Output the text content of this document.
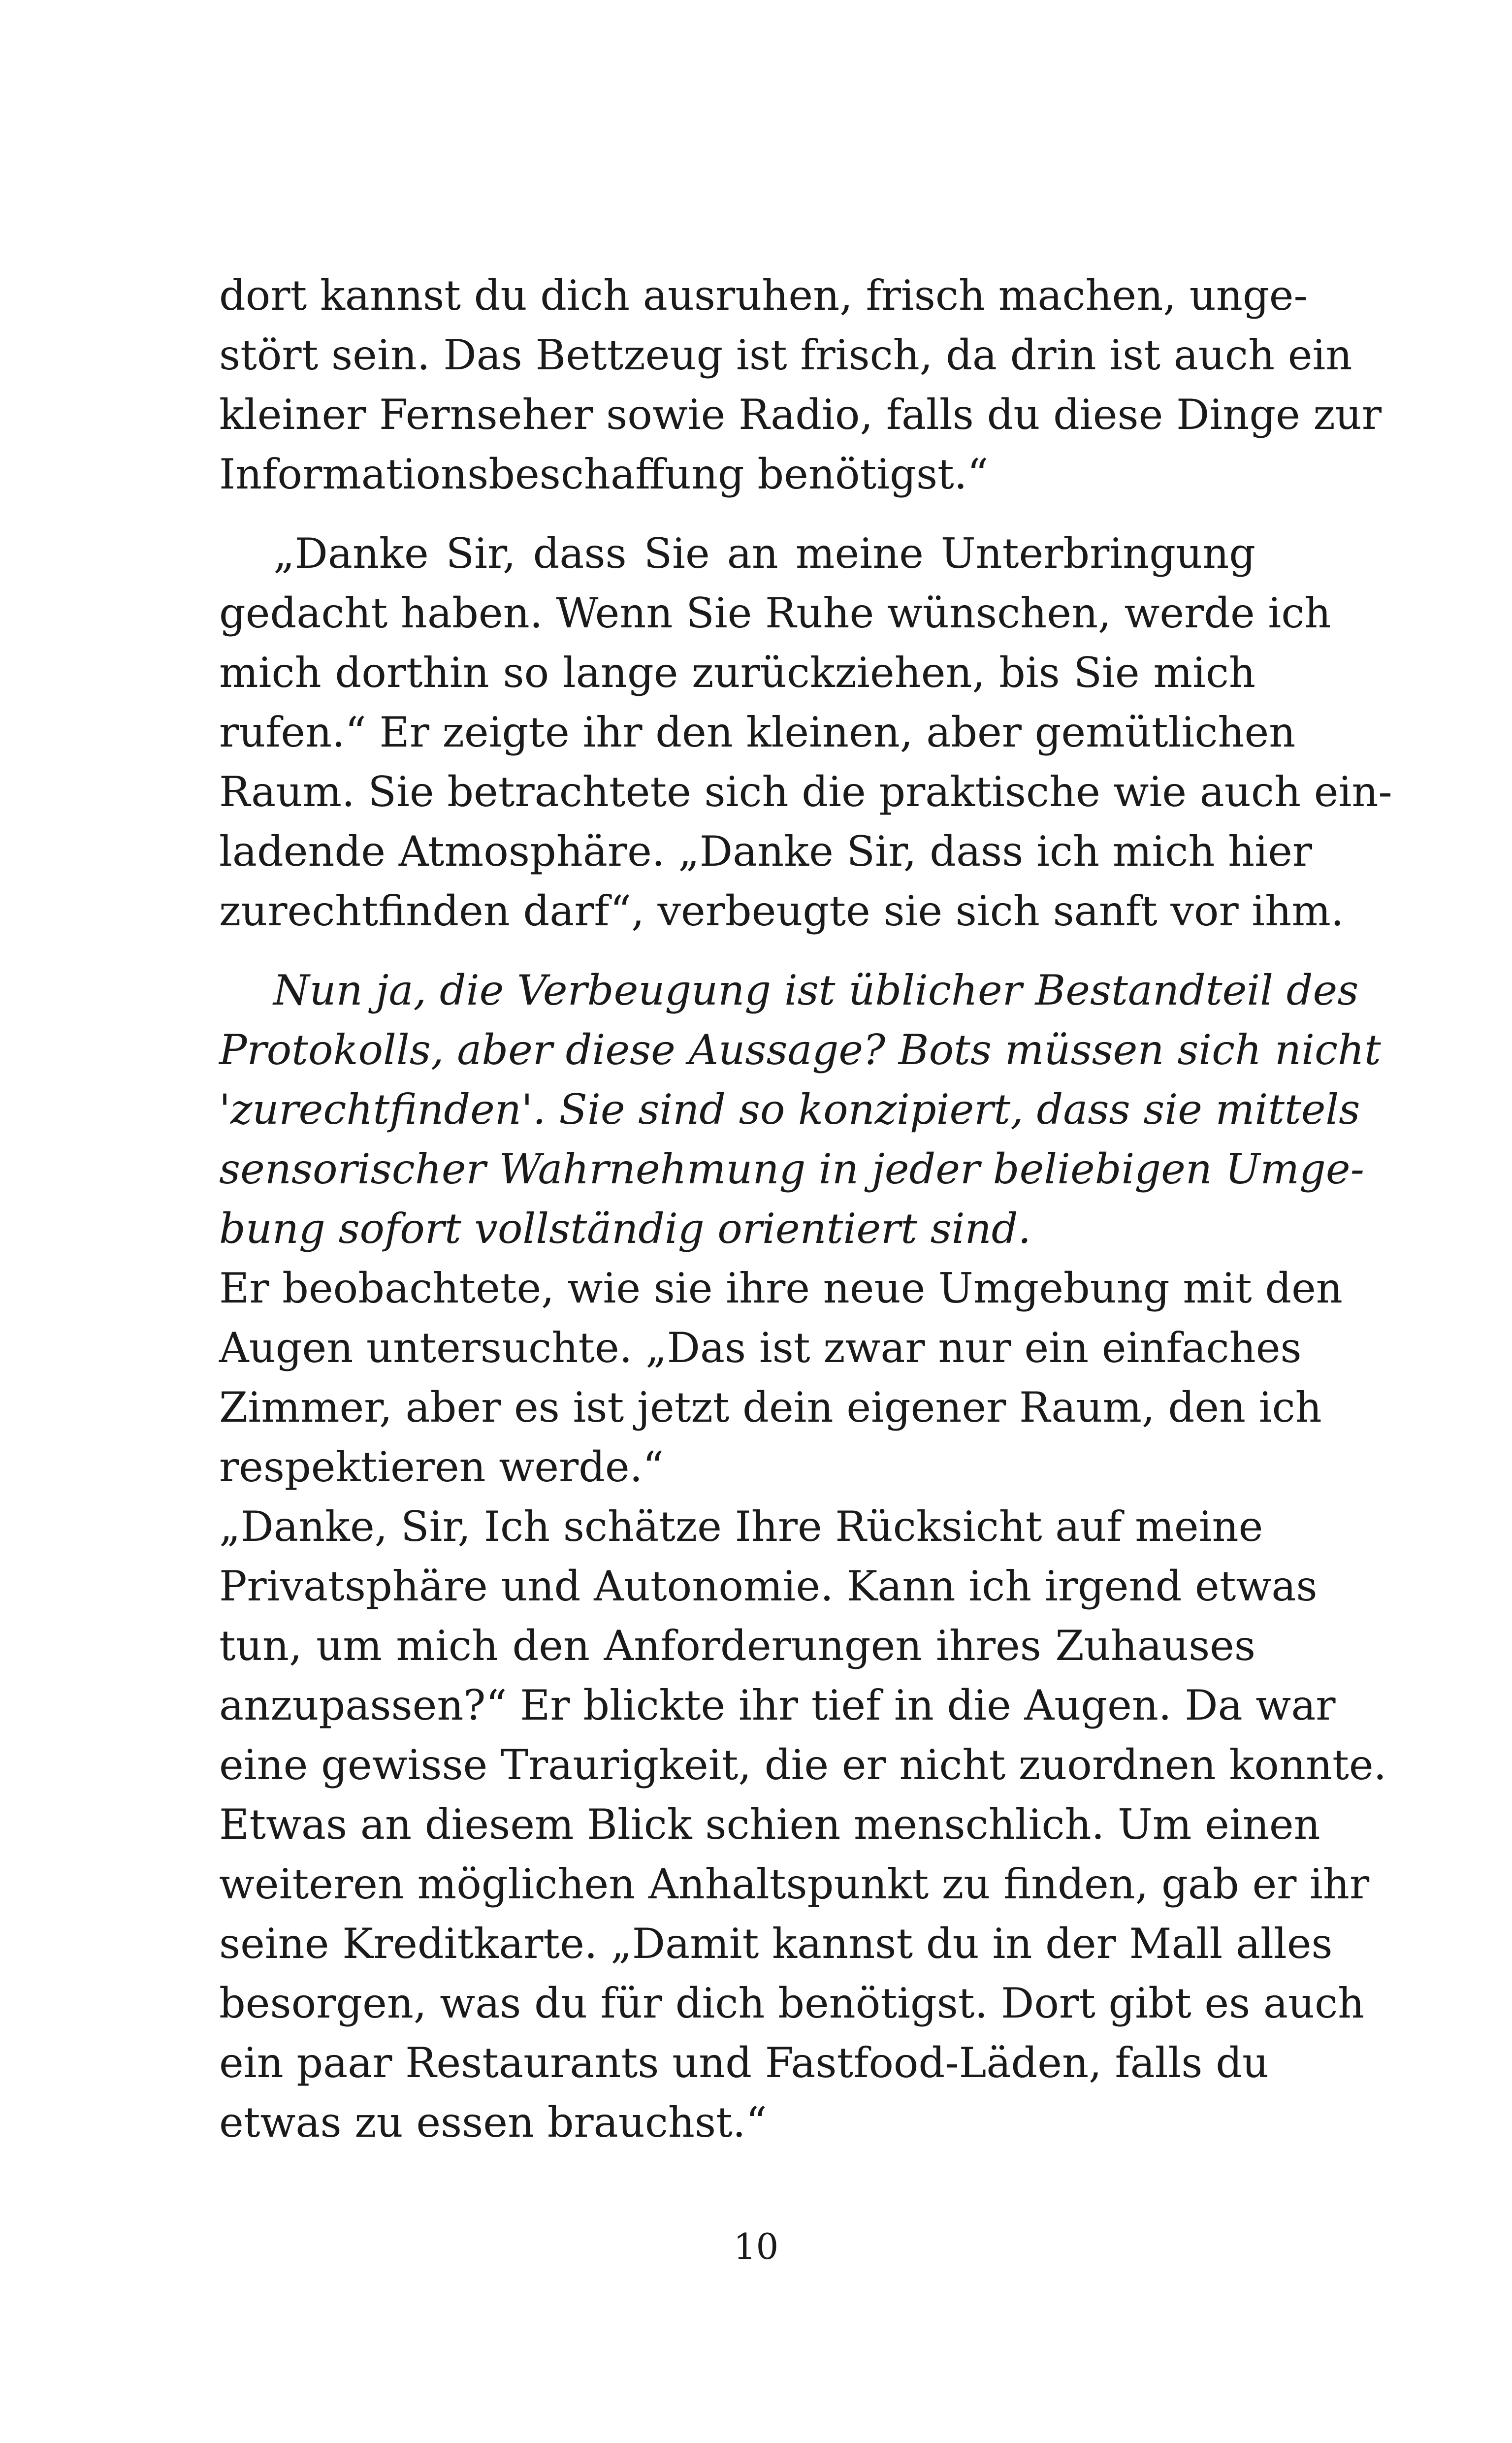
dort kannst du dich ausruhen, frisch machen, unge-
stört sein. Das Bettzeug ist frisch, da drin ist auch ein
kleiner Fernseher sowie Radio, falls du diese Dinge zur
Informationsbeschaffung benötigst.“

„Danke Sir, dass Sie an meine Unterbringung
gedacht haben. Wenn Sie Ruhe wünschen, werde ich
mich dorthin so lange zurückziehen, bis Sie mich
rufen.“ Er zeigte ihr den kleinen, aber gemütlichen
Raum. Sie betrachtete sich die praktische wie auch ein-
ladende Atmosphäre. „Danke Sir, dass ich mich hier
zurechtfinden darf“, verbeugte sie sich sanft vor ihm.

Nun ja, die Verbeugung ist üblicher Bestandteil des
Protokolls, aber diese Aussage? Bots müssen sich nicht
'zurechtfinden'. Sie sind so konzipiert, dass sie mittels
sensorischer Wahrnehmung in jeder beliebigen Umge-
bung sofort vollständig orientiert sind.

Er beobachtete, wie sie ihre neue Umgebung mit den
Augen untersuchte. „Das ist zwar nur ein einfaches
Zimmer, aber es ist jetzt dein eigener Raum, den ich
respektieren werde.“

„Danke, Sir, Ich schätze Ihre Rücksicht auf meine
Privatsphäre und Autonomie. Kann ich irgend etwas
tun, um mich den Anforderungen ihres Zuhauses
anzupassen?“ Er blickte ihr tief in die Augen. Da war
eine gewisse Traurigkeit, die er nicht zuordnen konnte.
Etwas an diesem Blick schien menschlich. Um einen
weiteren möglichen Anhaltspunkt zu finden, gab er ihr
seine Kreditkarte. „Damit kannst du in der Mall alles
besorgen, was du für dich benötigst. Dort gibt es auch
ein paar Restaurants und Fastfood-Läden, falls du
etwas zu essen brauchst.“

10
